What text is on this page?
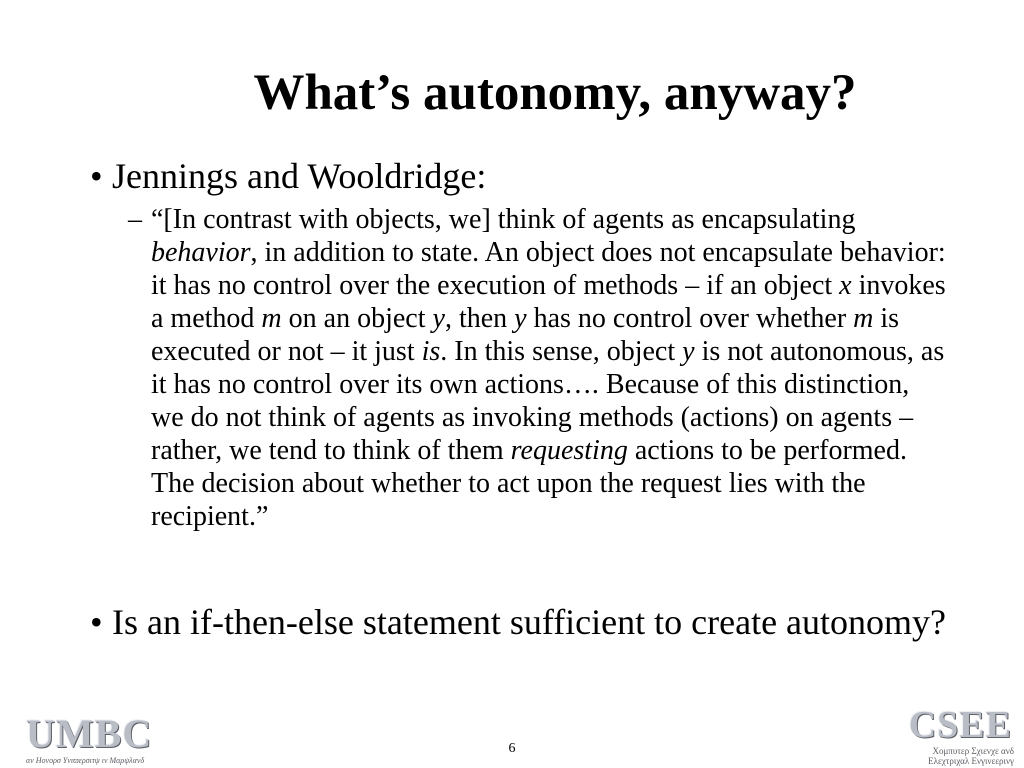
What’s autonomy, anyway?

• Jennings and Wooldridge:

– “[In contrast with objects, we] think of agents as encapsulating behavior, in addition to state. An object does not encapsulate behavior: it has no control over the execution of methods – if an object x invokes a method m on an object y, then y has no control over whether m is executed or not – it just is. In this sense, object y is not autonomous, as it has no control over its own actions…. Because of this distinction, we do not think of agents as invoking methods (actions) on agents – rather, we tend to think of them requesting actions to be performed. The decision about whether to act upon the request lies with the recipient.”

• Is an if-then-else statement sufficient to create autonomy?

UMBC
αν Ηονορσ Υνιϖερσιτψ ιν Μαρψλανδ
6
CSEE
Χομπυτερ Σχιενχε ανδ
Ελεχτριχαλ Ενγινεερινγ
